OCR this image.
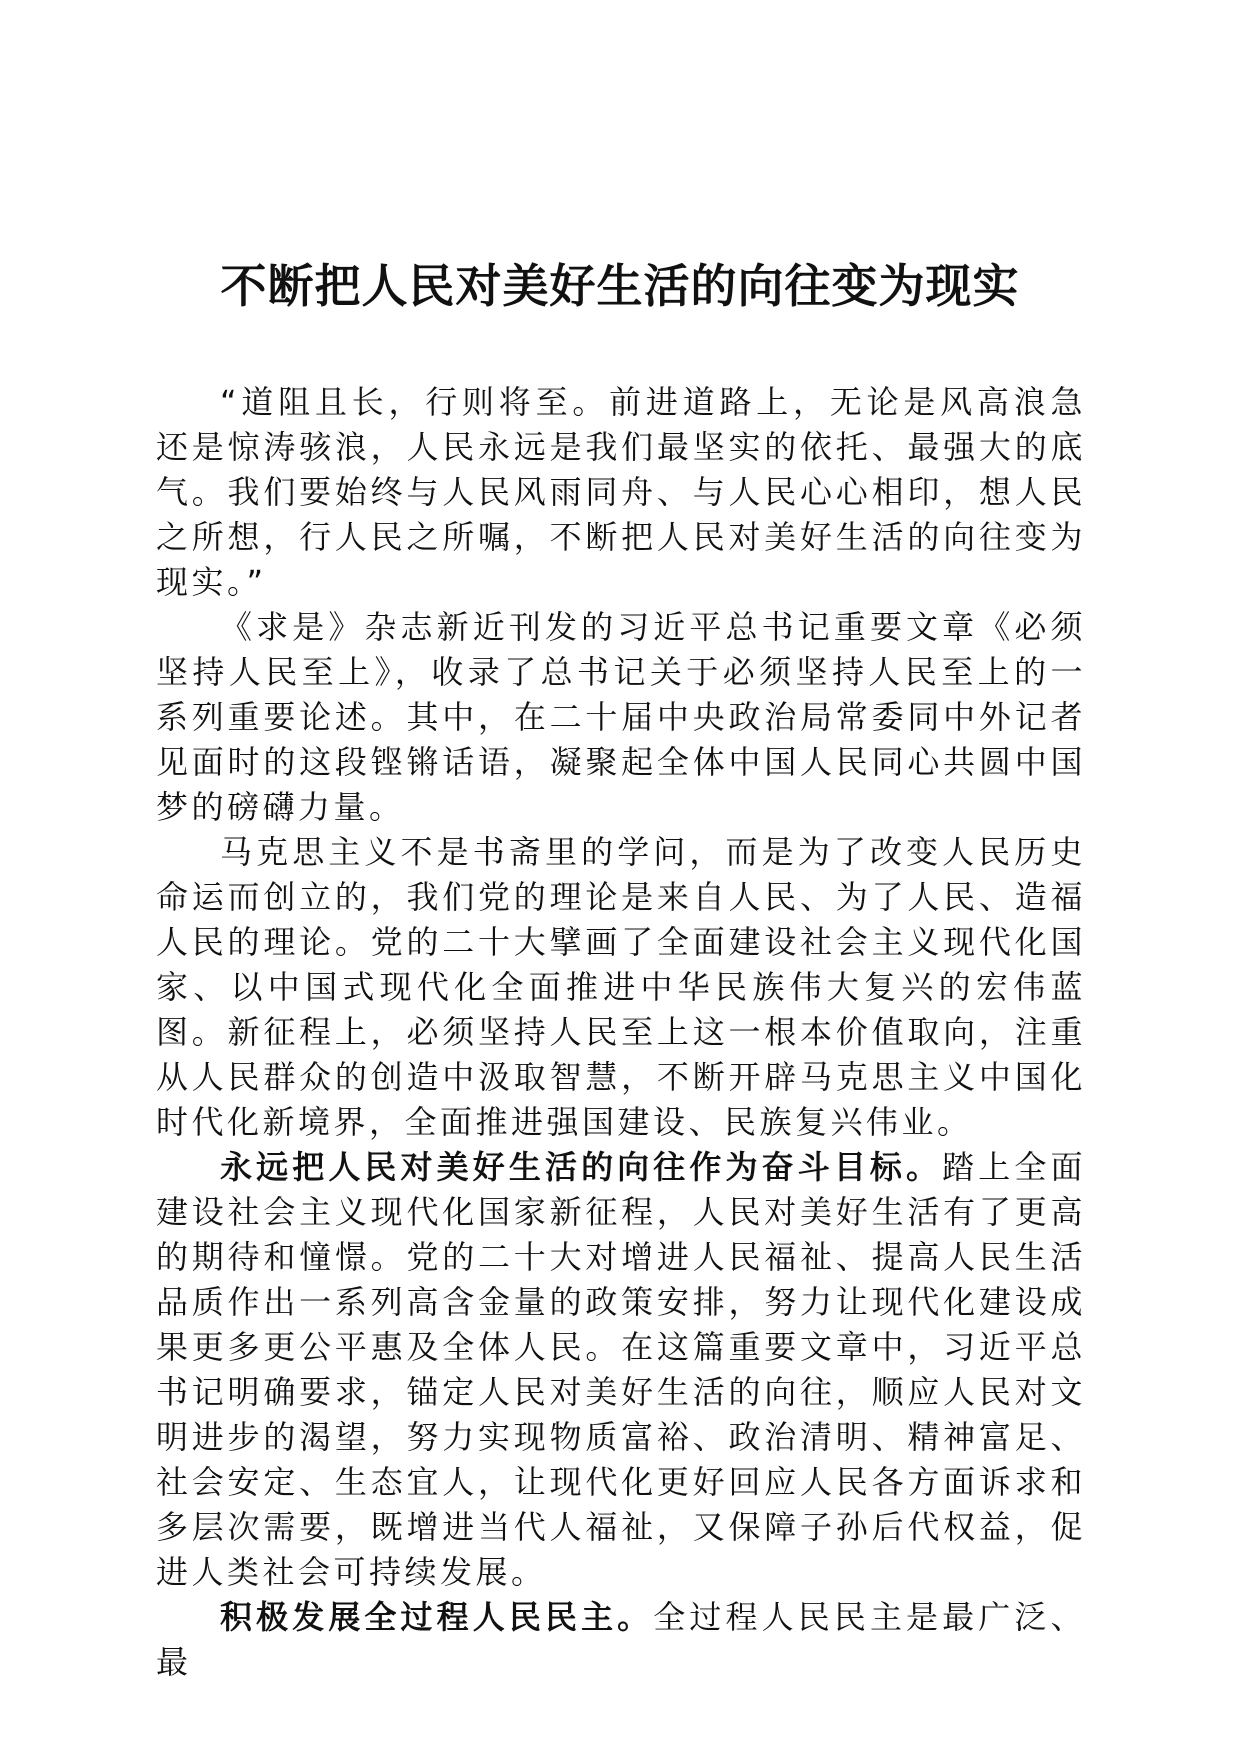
不断把人民对美好生活的向往变为现实

“道阻且长，行则将至。前进道路上，无论是风高浪急还是惊涛骇浪，人民永远是我们最坚实的依托、最强大的底气。我们要始终与人民风雨同舟、与人民心心相印，想人民之所想，行人民之所嘱，不断把人民对美好生活的向往变为现实。”

《求是》杂志新近刊发的习近平总书记重要文章《必须坚持人民至上》，收录了总书记关于必须坚持人民至上的一系列重要论述。其中，在二十届中央政治局常委同中外记者见面时的这段铿锵话语，凝聚起全体中国人民同心共圆中国梦的磅礴力量。

马克思主义不是书斋里的学问，而是为了改变人民历史命运而创立的，我们党的理论是来自人民、为了人民、造福人民的理论。党的二十大擘画了全面建设社会主义现代化国家、以中国式现代化全面推进中华民族伟大复兴的宏伟蓝图。新征程上，必须坚持人民至上这一根本价值取向，注重从人民群众的创造中汲取智慧，不断开辟马克思主义中国化时代化新境界，全面推进强国建设、民族复兴伟业。

永远把人民对美好生活的向往作为奋斗目标。踏上全面建设社会主义现代化国家新征程，人民对美好生活有了更高的期待和憧憬。党的二十大对增进人民福祉、提高人民生活品质作出一系列高含金量的政策安排，努力让现代化建设成果更多更公平惠及全体人民。在这篇重要文章中，习近平总书记明确要求，锚定人民对美好生活的向往，顺应人民对文明进步的渴望，努力实现物质富裕、政治清明、精神富足、社会安定、生态宜人，让现代化更好回应人民各方面诉求和多层次需要，既增进当代人福祉，又保障子孙后代权益，促进人类社会可持续发展。

积极发展全过程人民民主。全过程人民民主是最广泛、最
